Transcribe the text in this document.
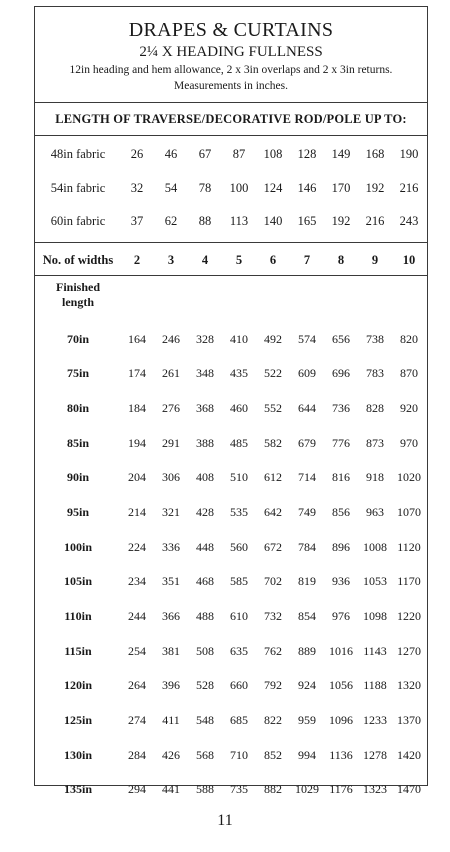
DRAPES & CURTAINS
2¼ X HEADING FULLNESS
12in heading and hem allowance, 2 x 3in overlaps and 2 x 3in returns.
Measurements in inches.
LENGTH OF TRAVERSE/DECORATIVE ROD/POLE UP TO:
48in fabric	26	46	67	87	108	128	149	168	190
54in fabric	32	54	78	100	124	146	170	192	216
60in fabric	37	62	88	113	140	165	192	216	243
No. of widths	2	3	4	5	6	7	8	9	10
Finished
length
70in	164	246	328	410	492	574	656	738	820
75in	174	261	348	435	522	609	696	783	870
80in	184	276	368	460	552	644	736	828	920
85in	194	291	388	485	582	679	776	873	970
90in	204	306	408	510	612	714	816	918	1020
95in	214	321	428	535	642	749	856	963	1070
100in	224	336	448	560	672	784	896	1008 1120
105in	234	351	468	585	702	819	936	1053 1170
110in	244	366	488	610	732	854	976	1098 1220
115in	254	381	508	635	762	889	1016 1143 1270
120in	264	396	528	660	792	924	1056 1188 1320
125in	274	411	548	685	822	959	1096 1233 1370
130in	284	426	568	710	852	994	1136 1278 1420
135in	294	441	588	735	882	1029 1176 1323 1470
11
